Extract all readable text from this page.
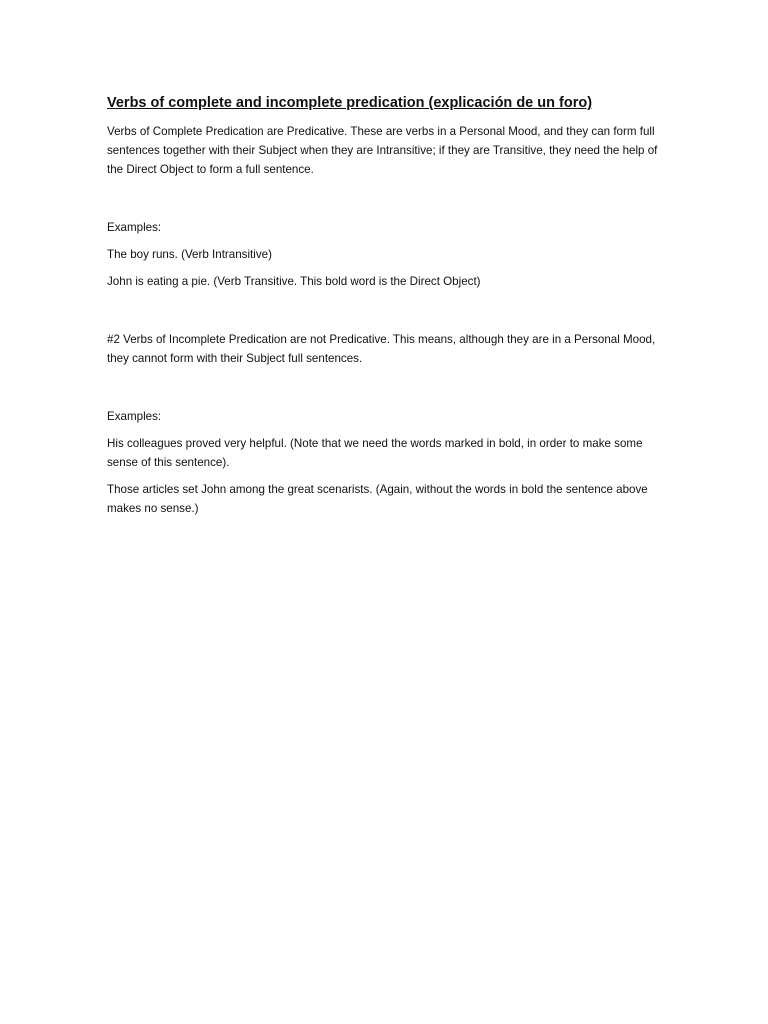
Verbs of complete and incomplete predication (explicación de un foro)

Verbs of Complete Predication are Predicative. These are verbs in a Personal Mood, and they can form full sentences together with their Subject when they are Intransitive; if they are Transitive, they need the help of the Direct Object to form a full sentence.

Examples:

The boy runs. (Verb Intransitive)

John is eating a pie. (Verb Transitive. This bold word is the Direct Object)

#2 Verbs of Incomplete Predication are not Predicative. This means, although they are in a Personal Mood, they cannot form with their Subject full sentences.

Examples:

His colleagues proved very helpful. (Note that we need the words marked in bold, in order to make some sense of this sentence).

Those articles set John among the great scenarists. (Again, without the words in bold the sentence above makes no sense.)
